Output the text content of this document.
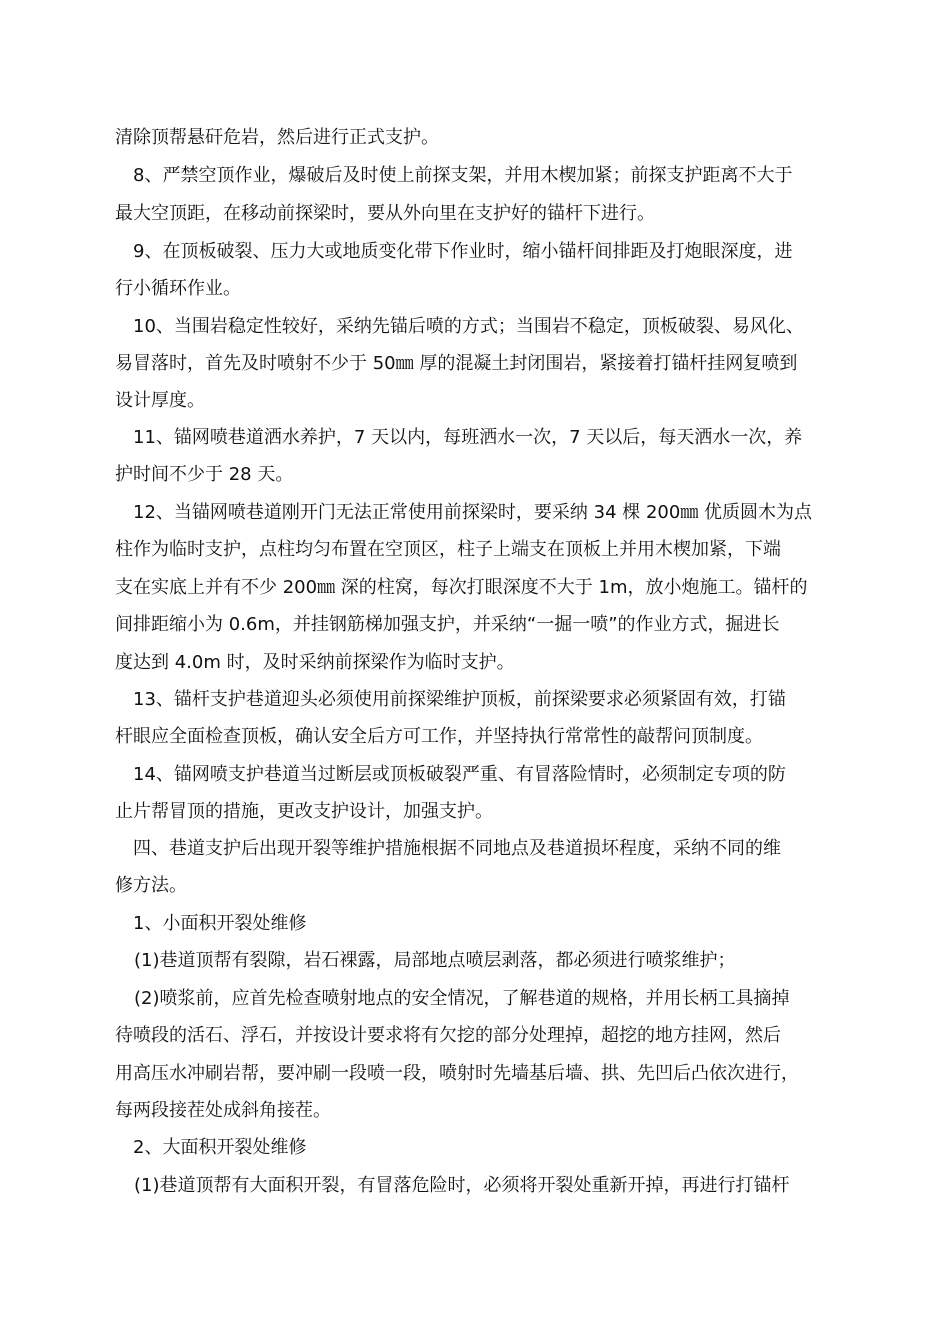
清除顶帮悬矸危岩，然后进行正式支护。
8、严禁空顶作业，爆破后及时使上前探支架，并用木楔加紧；前探支护距离不大于
最大空顶距，在移动前探梁时，要从外向里在支护好的锚杆下进行。
9、在顶板破裂、压力大或地质变化带下作业时，缩小锚杆间排距及打炮眼深度，进
行小循环作业。
10、当围岩稳定性较好，采纳先锚后喷的方式；当围岩不稳定，顶板破裂、易风化、
易冒落时，首先及时喷射不少于 50㎜ 厚的混凝土封闭围岩，紧接着打锚杆挂网复喷到
设计厚度。
11、锚网喷巷道洒水养护，7 天以内，每班洒水一次，7 天以后，每天洒水一次，养
护时间不少于 28 天。
12、当锚网喷巷道刚开门无法正常使用前探梁时，要采纳 34 棵 200㎜ 优质圆木为点
柱作为临时支护，点柱均匀布置在空顶区，柱子上端支在顶板上并用木楔加紧，下端
支在实底上并有不少 200㎜ 深的柱窝，每次打眼深度不大于 1m，放小炮施工。锚杆的
间排距缩小为 0.6m，并挂钢筋梯加强支护，并采纳“一掘一喷”的作业方式，掘进长
度达到 4.0m 时，及时采纳前探梁作为临时支护。
13、锚杆支护巷道迎头必须使用前探梁维护顶板，前探梁要求必须紧固有效，打锚
杆眼应全面检查顶板，确认安全后方可工作，并坚持执行常常性的敲帮问顶制度。
14、锚网喷支护巷道当过断层或顶板破裂严重、有冒落险情时，必须制定专项的防
止片帮冒顶的措施，更改支护设计，加强支护。
四、巷道支护后出现开裂等维护措施根据不同地点及巷道损坏程度，采纳不同的维
修方法。
1、小面积开裂处维修
(1)巷道顶帮有裂隙，岩石裸露，局部地点喷层剥落，都必须进行喷浆维护；
(2)喷浆前，应首先检查喷射地点的安全情况，了解巷道的规格，并用长柄工具摘掉
待喷段的活石、浮石，并按设计要求将有欠挖的部分处理掉，超挖的地方挂网，然后
用高压水冲刷岩帮，要冲刷一段喷一段，喷射时先墙基后墙、拱、先凹后凸依次进行，
每两段接茬处成斜角接茬。
2、大面积开裂处维修
(1)巷道顶帮有大面积开裂，有冒落危险时，必须将开裂处重新开掉，再进行打锚杆
